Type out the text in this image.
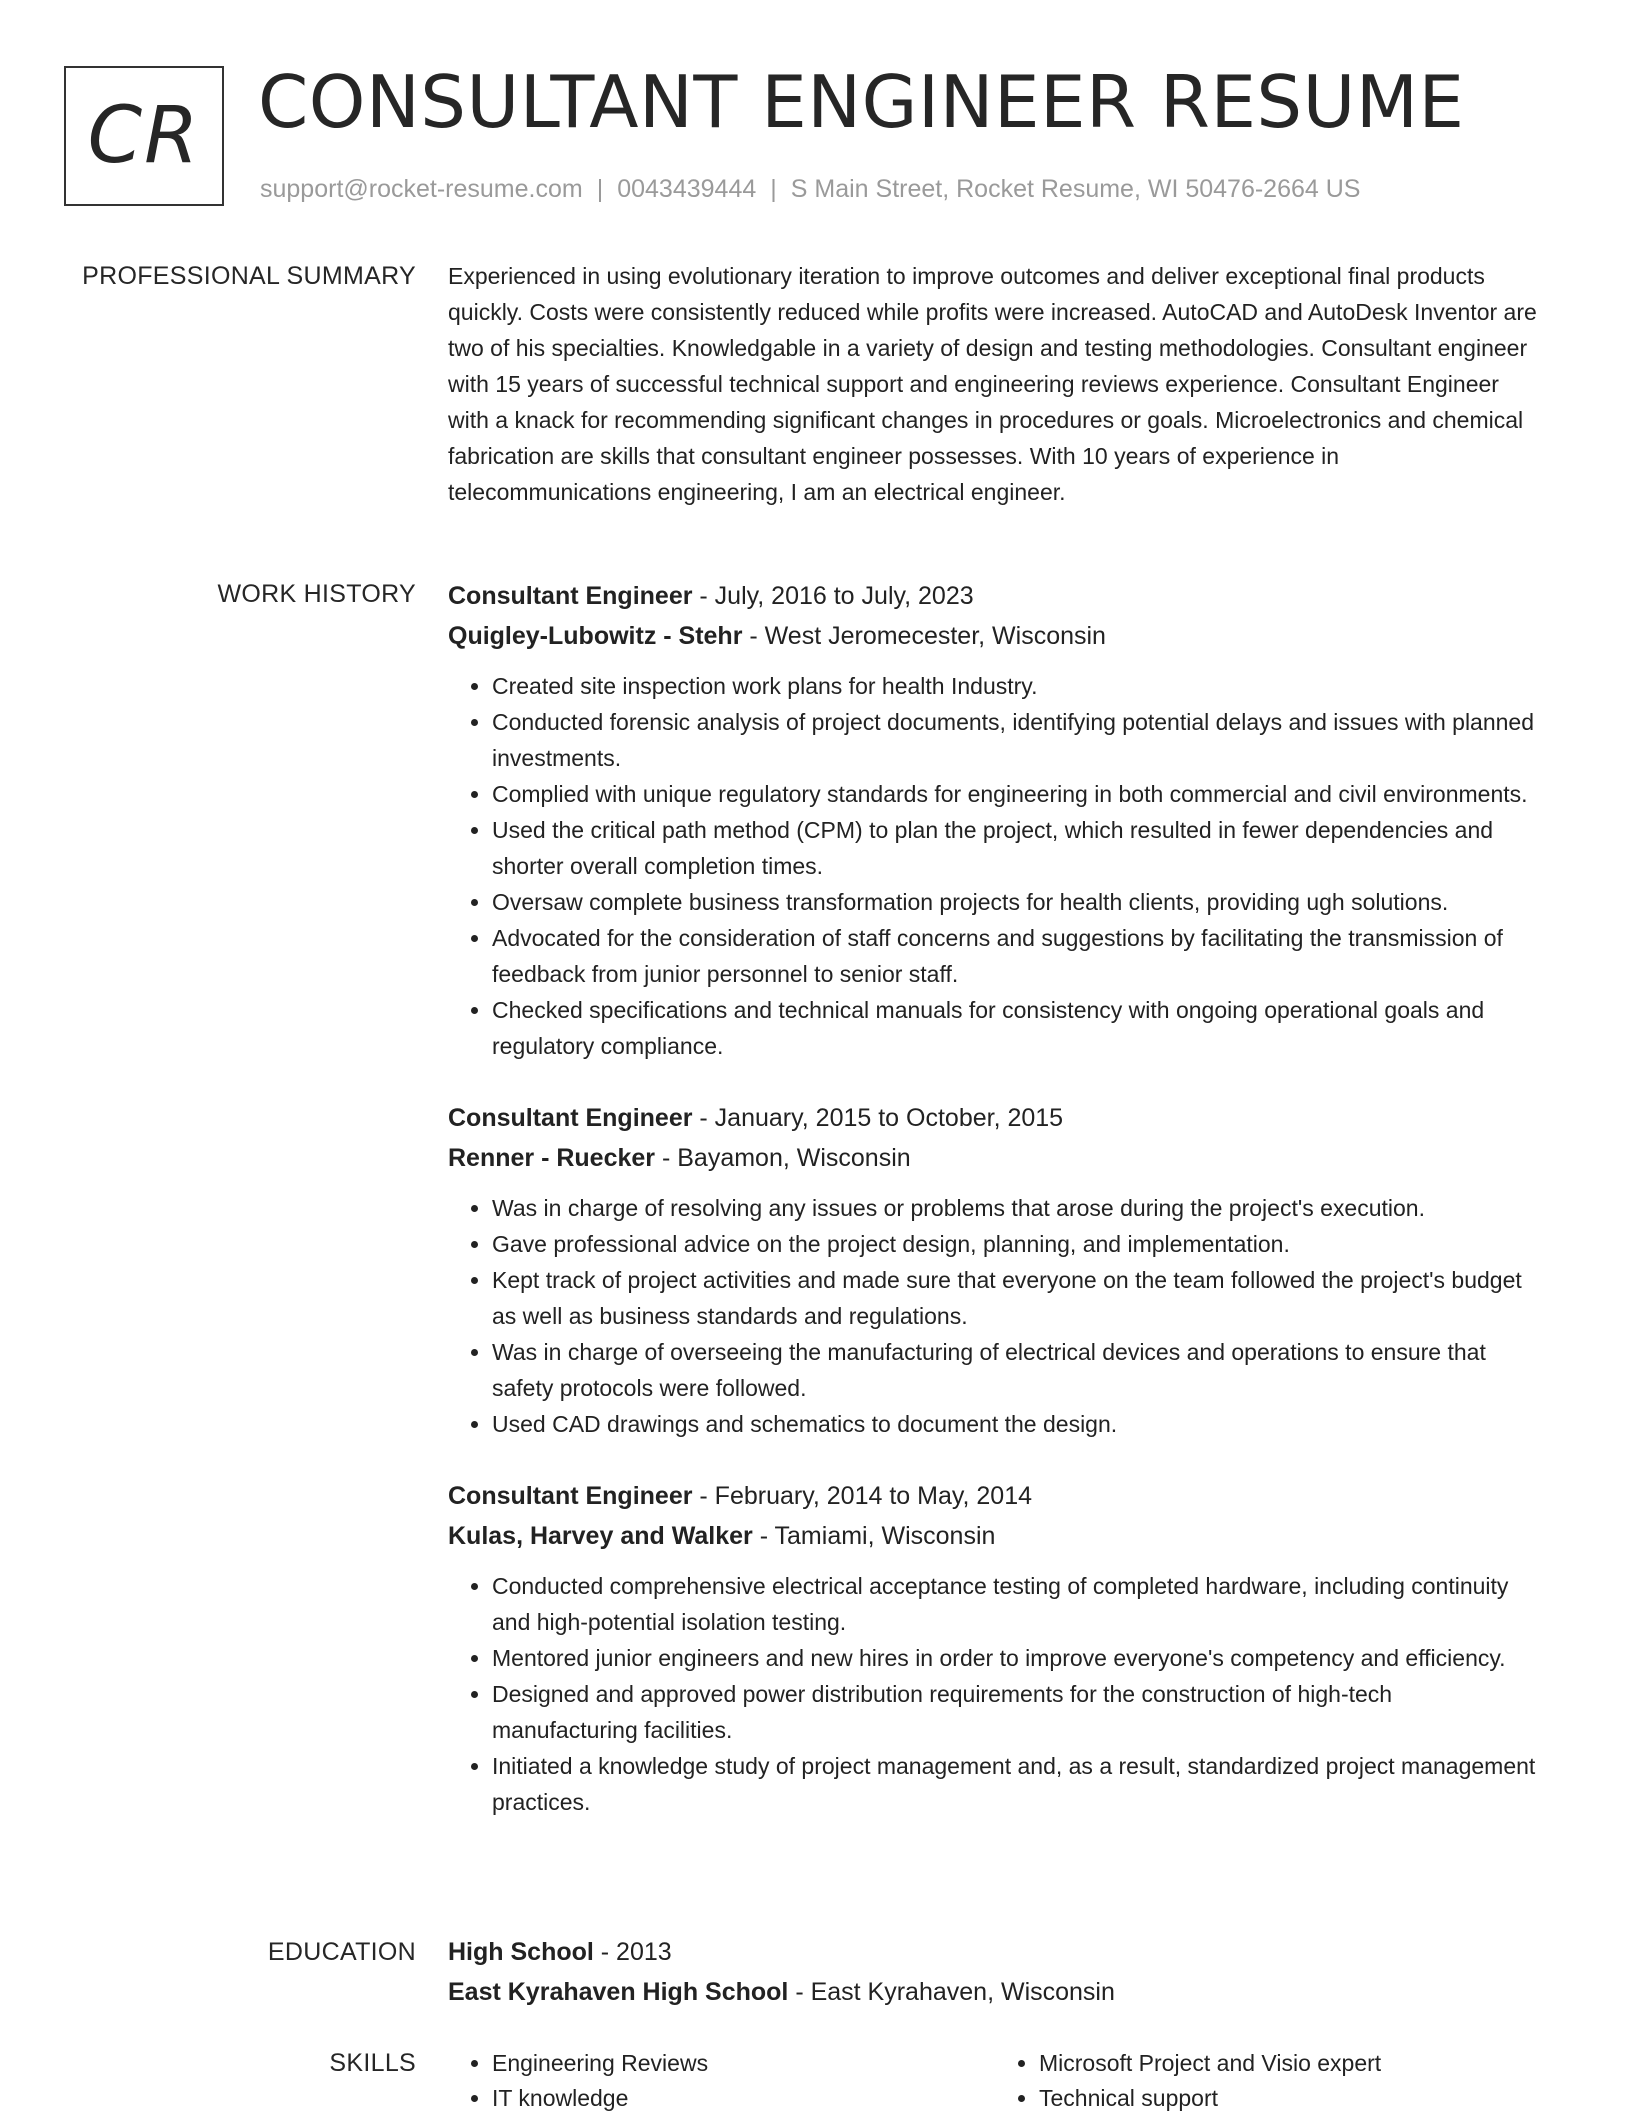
CR CONSULTANT ENGINEER RESUME
support@rocket-resume.com | 0043439444 | S Main Street, Rocket Resume, WI 50476-2664 US
PROFESSIONAL SUMMARY Experienced in using evolutionary iteration to improve outcomes and deliver exceptional final products quickly. Costs were consistently reduced while profits were increased. AutoCAD and AutoDesk Inventor are two of his specialties. Knowledgable in a variety of design and testing methodologies. Consultant engineer with 15 years of successful technical support and engineering reviews experience. Consultant Engineer with a knack for recommending significant changes in procedures or goals. Microelectronics and chemical fabrication are skills that consultant engineer possesses. With 10 years of experience in telecommunications engineering, I am an electrical engineer.

WORK HISTORY Consultant Engineer - July, 2016 to July, 2023
Quigley-Lubowitz - Stehr - West Jeromecester, Wisconsin
• Created site inspection work plans for health Industry.
• Conducted forensic analysis of project documents, identifying potential delays and issues with planned investments.
• Complied with unique regulatory standards for engineering in both commercial and civil environments.
• Used the critical path method (CPM) to plan the project, which resulted in fewer dependencies and shorter overall completion times.
• Oversaw complete business transformation projects for health clients, providing ugh solutions.
• Advocated for the consideration of staff concerns and suggestions by facilitating the transmission of feedback from junior personnel to senior staff.
• Checked specifications and technical manuals for consistency with ongoing operational goals and regulatory compliance.
Consultant Engineer - January, 2015 to October, 2015
Renner - Ruecker - Bayamon, Wisconsin
• Was in charge of resolving any issues or problems that arose during the project's execution.
• Gave professional advice on the project design, planning, and implementation.
• Kept track of project activities and made sure that everyone on the team followed the project's budget as well as business standards and regulations.
• Was in charge of overseeing the manufacturing of electrical devices and operations to ensure that safety protocols were followed.
• Used CAD drawings and schematics to document the design.
Consultant Engineer - February, 2014 to May, 2014
Kulas, Harvey and Walker - Tamiami, Wisconsin
• Conducted comprehensive electrical acceptance testing of completed hardware, including continuity and high-potential isolation testing.
• Mentored junior engineers and new hires in order to improve everyone's competency and efficiency.
• Designed and approved power distribution requirements for the construction of high-tech manufacturing facilities.
• Initiated a knowledge study of project management and, as a result, standardized project management practices.
EDUCATION High School - 2013
East Kyrahaven High School - East Kyrahaven, Wisconsin
SKILLS
•	Engineering Reviews
• IT knowledge
• Microsoft Project and Visio expert
• Technical support
